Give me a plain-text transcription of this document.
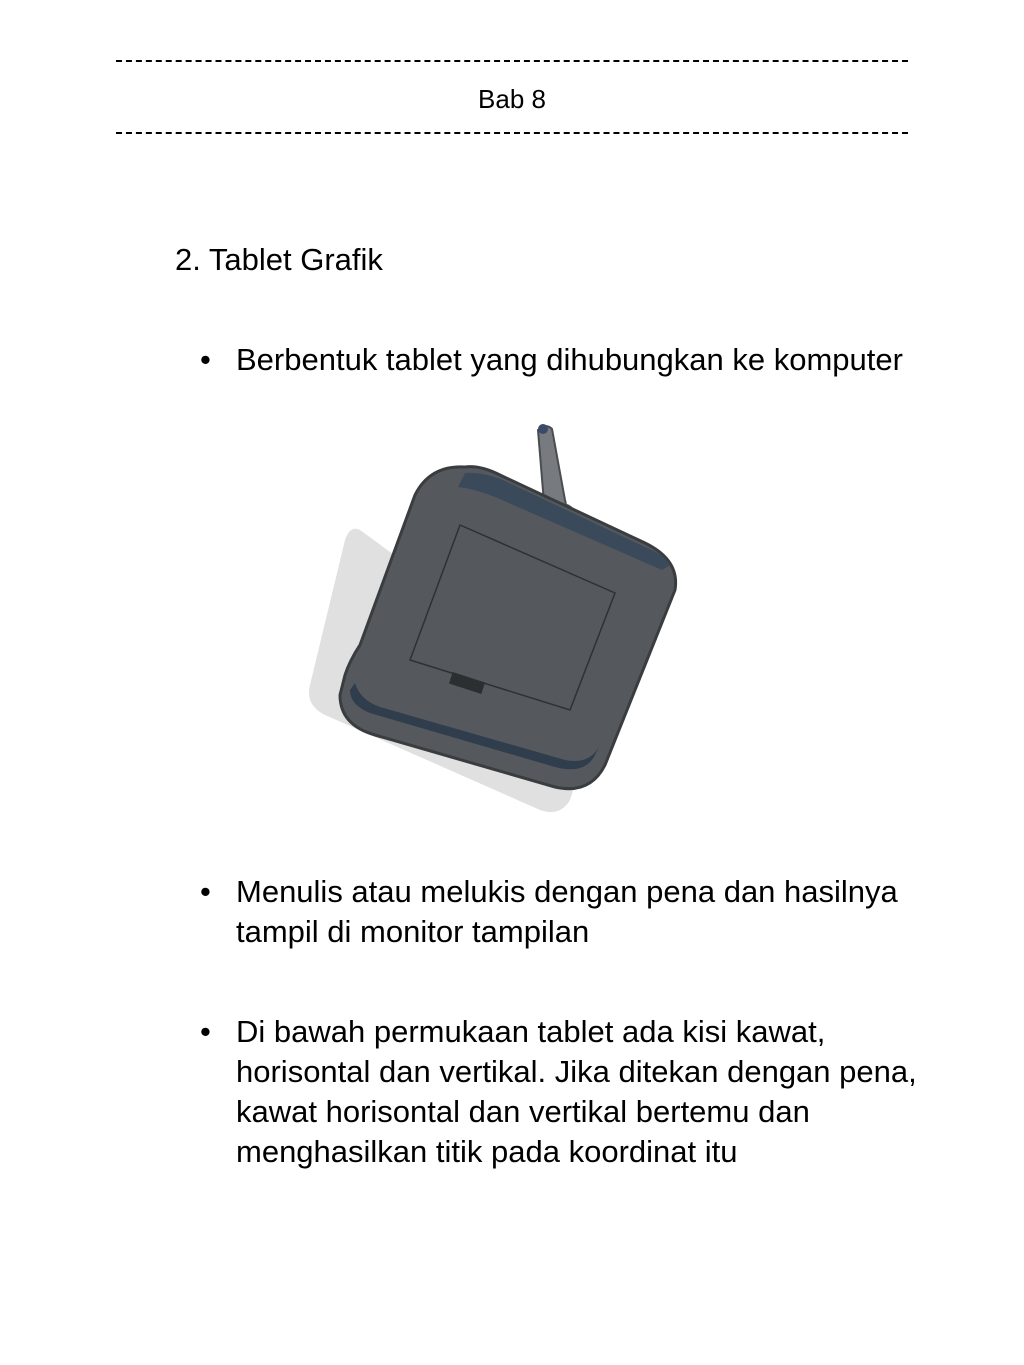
Bab 8
2. Tablet Grafik
• Berbentuk tablet yang dihubungkan ke komputer
• Menulis atau melukis dengan pena dan hasilnya tampil di monitor tampilan
• Di bawah permukaan tablet ada kisi kawat, horisontal dan vertikal. Jika ditekan dengan pena, kawat horisontal dan vertikal bertemu dan menghasilkan titik pada koordinat itu
